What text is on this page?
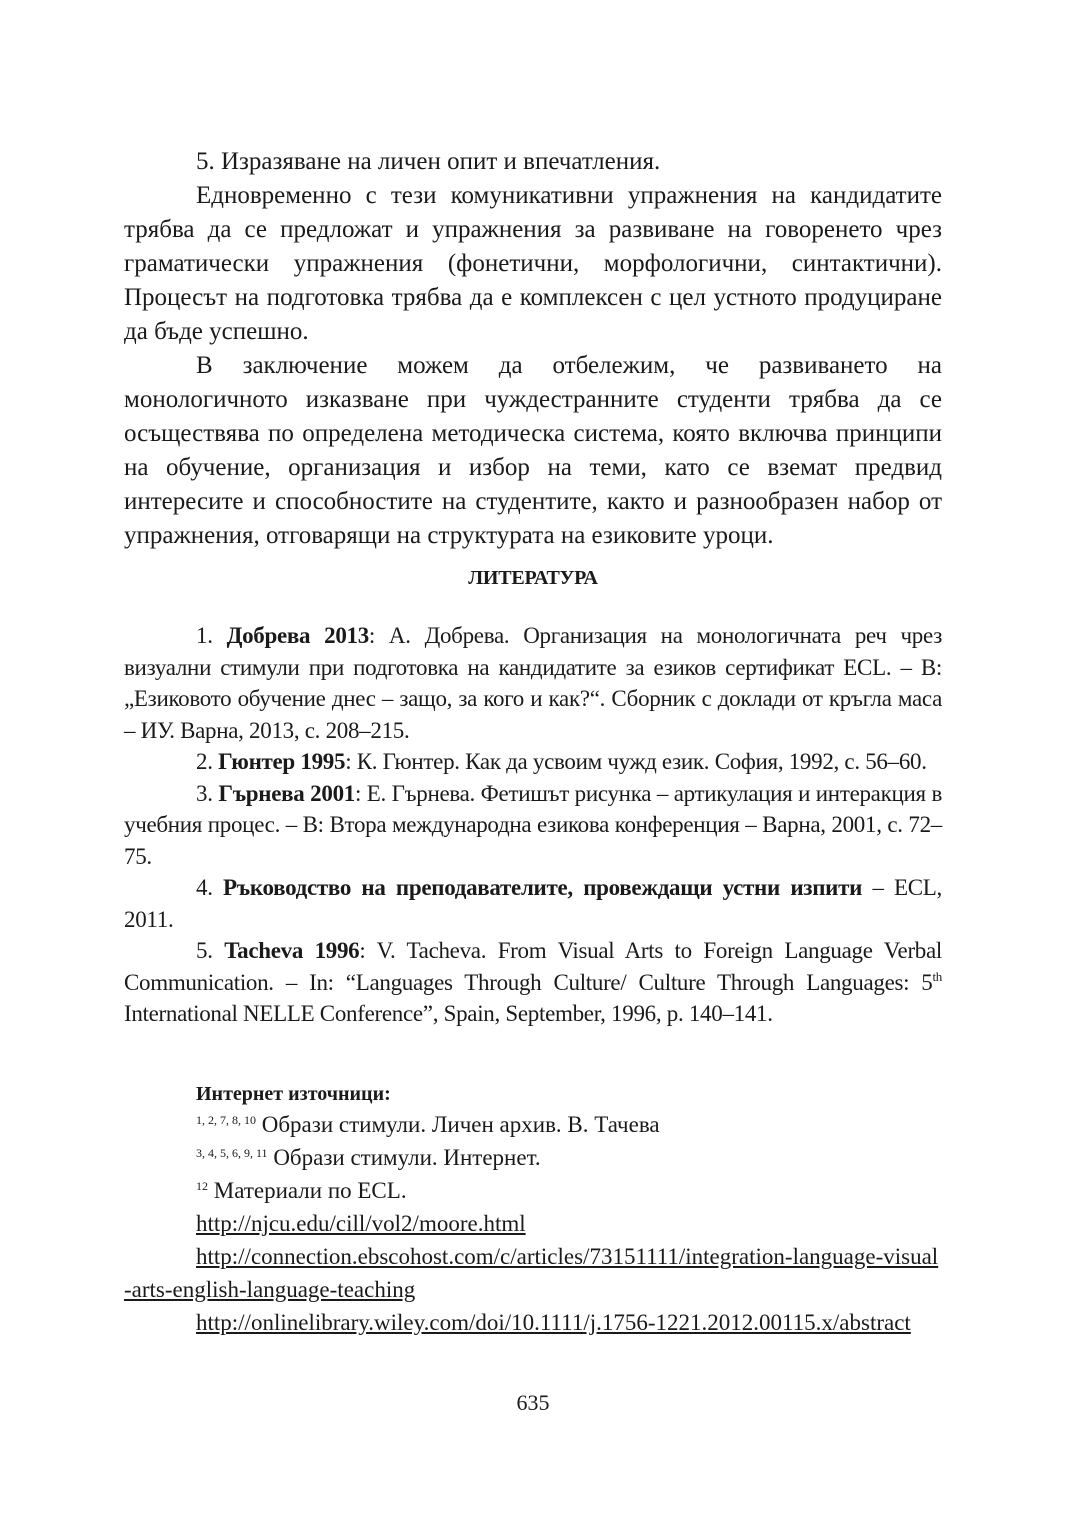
5. Изразяване на личен опит и впечатления.

Едновременно с тези комуникативни упражнения на кандидатите трябва да се предложат и упражнения за развиване на говоренето чрез граматически упражнения (фонетични, морфологични, синтактични). Процесът на подготовка трябва да е комплексен с цел устното продуциране да бъде успешно.

В заключение можем да отбележим, че развиването на монологичното изказване при чуждестранните студенти трябва да се осъществява по определена методическа система, която включва принципи на обучение, организация и избор на теми, като се вземат предвид интересите и способностите на студентите, както и разнообразен набор от упражнения, отговарящи на структурата на езиковите уроци.

ЛИТЕРАТУРА

1. Добрева 2013: А. Добрева. Организация на монологичната реч чрез визуални стимули при подготовка на кандидатите за езиков сертификат ECL. – В: „Езиковото обучение днес – защо, за кого и как?“. Сборник с доклади от кръгла маса – ИУ. Варна, 2013, с. 208–215.

2. Гюнтер 1995: К. Гюнтер. Как да усвоим чужд език. София, 1992, с. 56–60.

3. Гърнева 2001: Е. Гърнева. Фетишът рисунка – артикулация и интеракция в учебния процес. – В: Втора международна езикова конференция – Варна, 2001, с. 72–75.

4. Ръководство на преподавателите, провеждащи устни изпити – ECL, 2011.

5. Tacheva 1996: V. Tacheva. From Visual Arts to Foreign Language Verbal Communication. – In: “Languages Through Culture/ Culture Through Languages: 5th International NELLE Conference”, Spain, September, 1996, p. 140–141.

Интернет източници:

$^{1, 2, 7, 8, 10}$ Образи стимули. Личен архив. В. Тачева

$^{3, 4, 5, 6, 9, 11}$ Образи стимули. Интернет.

$^{12}$ Материали по ECL.

http://njcu.edu/cill/vol2/moore.html

http://connection.ebscohost.com/c/articles/73151111/integration-language-visual-arts-english-language-teaching

http://onlinelibrary.wiley.com/doi/10.1111/j.1756-1221.2012.00115.x/abstract

635
